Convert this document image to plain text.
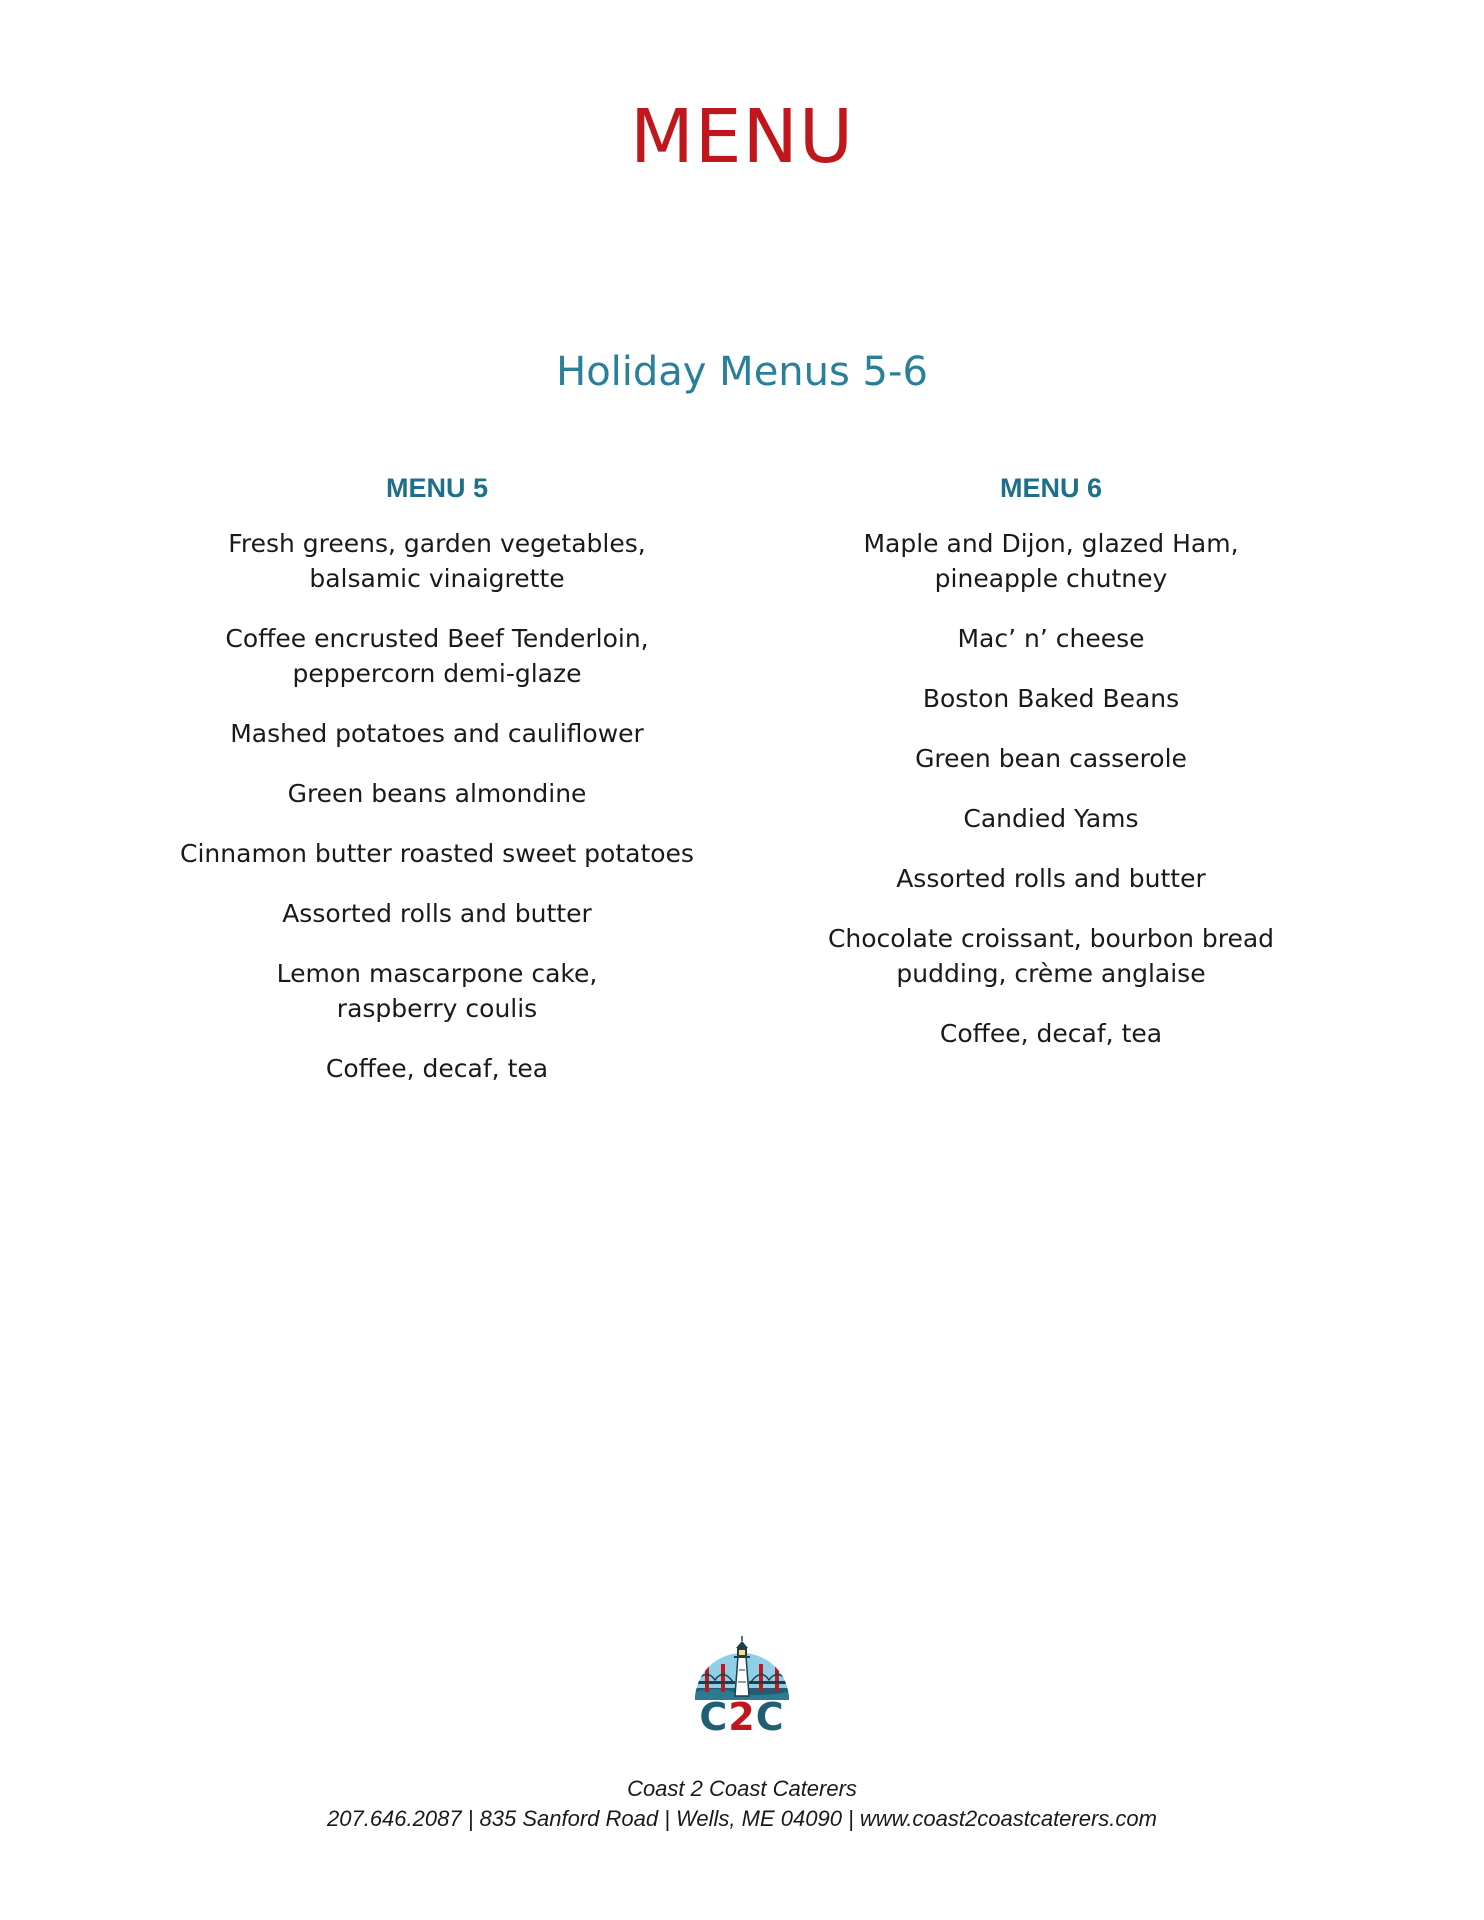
MENU
Holiday Menus 5-6
MENU 5
Fresh greens, garden vegetables,
balsamic vinaigrette
Coffee encrusted Beef Tenderloin,
peppercorn demi-glaze
Mashed potatoes and cauliflower
Green beans almondine
Cinnamon butter roasted sweet potatoes
Assorted rolls and butter
Lemon mascarpone cake,
raspberry coulis
Coffee, decaf, tea
MENU 6
Maple and Dijon, glazed Ham,
pineapple chutney
Mac’ n’ cheese
Boston Baked Beans
Green bean casserole
Candied Yams
Assorted rolls and butter
Chocolate croissant, bourbon bread
pudding, crème anglaise
Coffee, decaf, tea
C2C
Coast 2 Coast Caterers
207.646.2087 | 835 Sanford Road | Wells, ME 04090 | www.coast2coastcaterers.com
